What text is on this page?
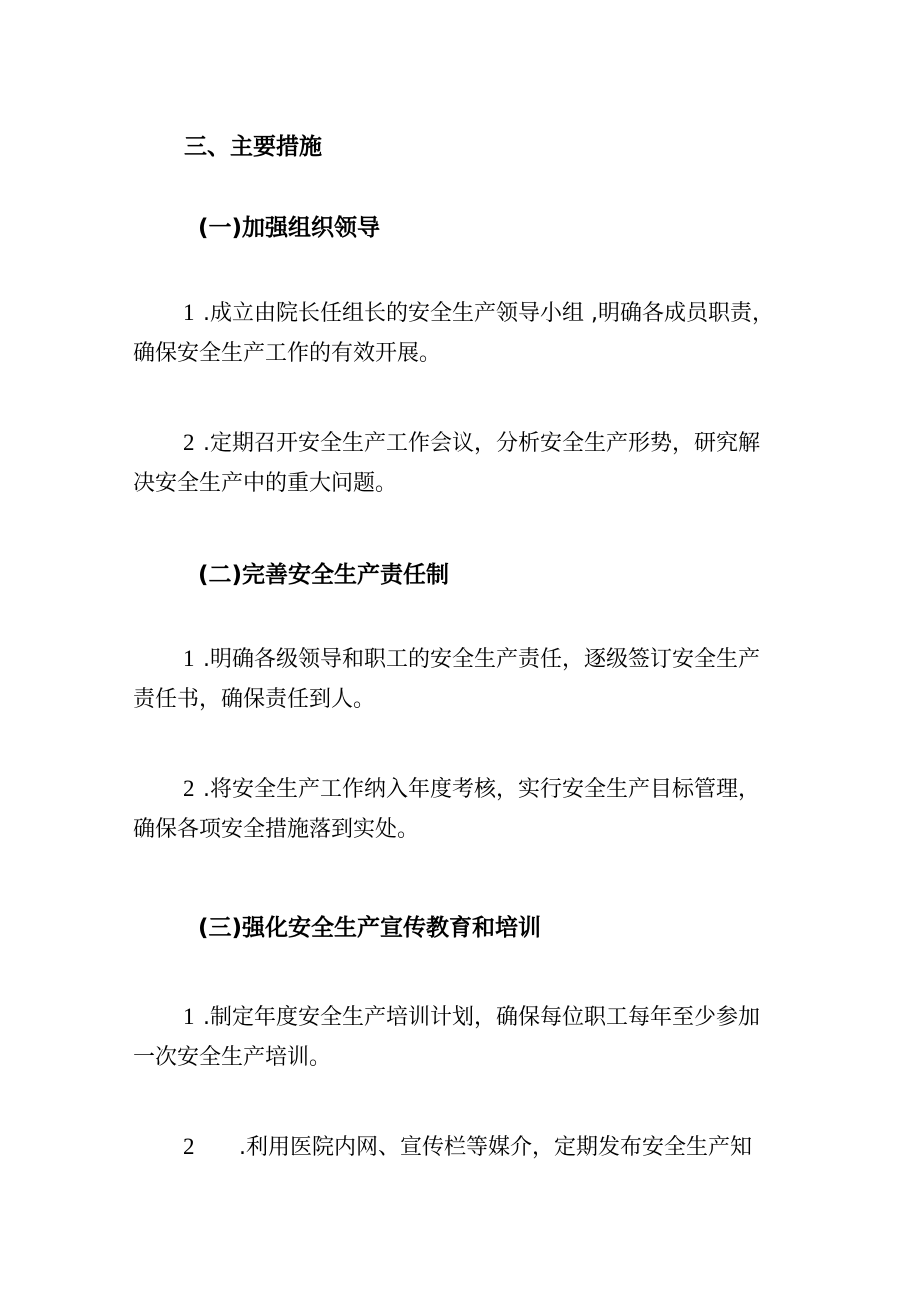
三、主要措施
(一)加强组织领导
1 .成立由院长任组长的安全生产领导小组 ,明确各成员职责，
确保安全生产工作的有效开展。
2 .定期召开安全生产工作会议，分析安全生产形势，研究解
决安全生产中的重大问题。
(二)完善安全生产责任制
1 .明确各级领导和职工的安全生产责任，逐级签订安全生产
责任书，确保责任到人。
2 .将安全生产工作纳入年度考核，实行安全生产目标管理，
确保各项安全措施落到实处。
(三)强化安全生产宣传教育和培训
1 .制定年度安全生产培训计划，确保每位职工每年至少参加
一次安全生产培训。
2 .利用医院内网、宣传栏等媒介，定期发布安全生产知
